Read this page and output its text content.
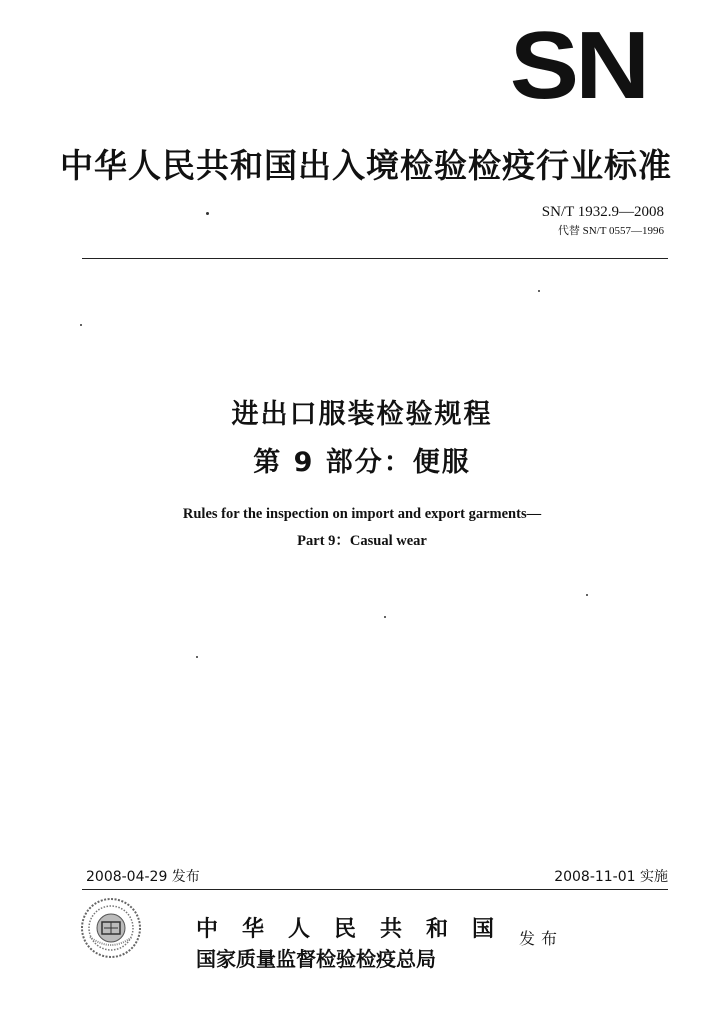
SN
中华人民共和国出入境检验检疫行业标准
SN/T 1932.9—2008
代替 SN/T 0557—1996
进出口服装检验规程
第 9 部分：便服
Rules for the inspection on import and export garments—
Part 9：Casual wear
2008-04-29 发布	2008-11-01 实施
中华人民共和国
国家质量监督检验检疫总局
发布
